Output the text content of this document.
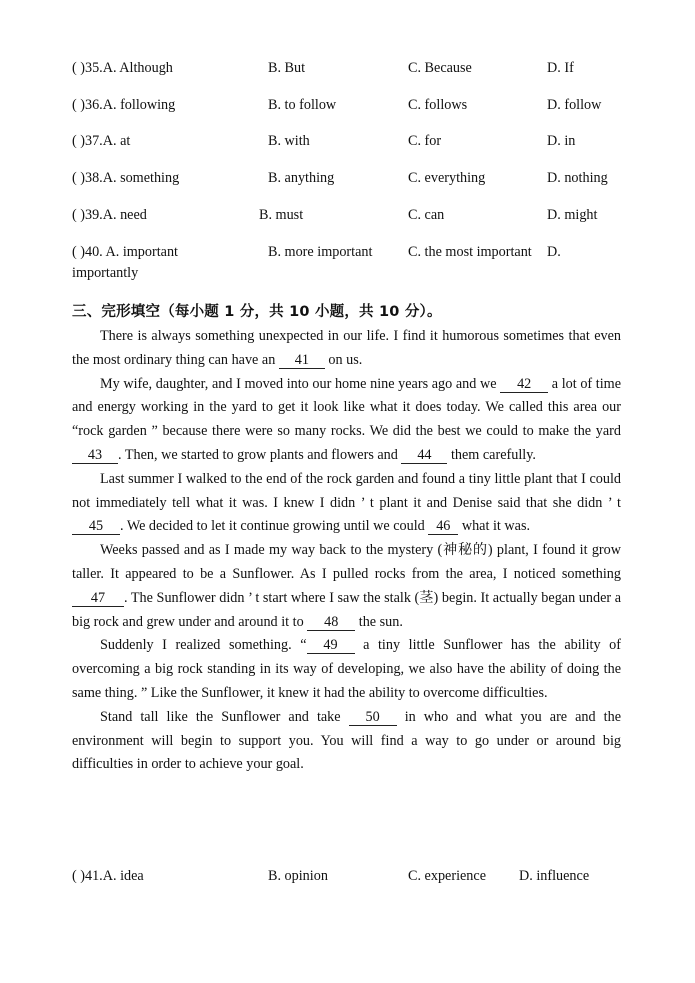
( )35.A. Although	B. But	C. Because	D. If
( )36.A. following	B. to follow	C. follows	D. follow
( )37.A. at	B. with	C. for	D. in
( )38.A. something	B. anything	C. everything	D. nothing
( )39.A. need	B. must	C. can	D. might
( )40. A. important	B. more important	C. the most important D.
importantly
三、完形填空（每小题 1 分，共 10 小题，共 10 分）。

There is always something unexpected in our life. I find it humorous sometimes that even the most ordinary thing can have an 41 on us.

My wife, daughter, and I moved into our home nine years ago and we 42 a lot of time and energy working in the yard to get it look like what it does today. We called this area our “rock garden ” because there were so many rocks. We did the best we could to make the yard 43 . Then, we started to grow plants and flowers and 44 them carefully.

Last summer I walked to the end of the rock garden and found a tiny little plant that I could not immediately tell what it was. I knew I didn ’ t plant it and Denise said that she didn ’ t 45 . We decided to let it continue growing until we could 46 what it was.

Weeks passed and as I made my way back to the mystery (神秘的) plant, I found it grow taller. It appeared to be a Sunflower. As I pulled rocks from the area, I noticed something 47 . The Sunflower didn ’ t start where I saw the stalk (茎) begin. It actually began under a big rock and grew under and around it to 48 the sun.

Suddenly I realized something. “ 49 a tiny little Sunflower has the ability of overcoming a big rock standing in its way of developing, we also have the ability of doing the same thing. ” Like the Sunflower, it knew it had the ability to overcome difficulties.

Stand tall like the Sunflower and take 50 in who and what you are and the environment will begin to support you. You will find a way to go under or around big difficulties in order to achieve your goal.

( )41.A. idea	B. opinion	C. experience D. influence
